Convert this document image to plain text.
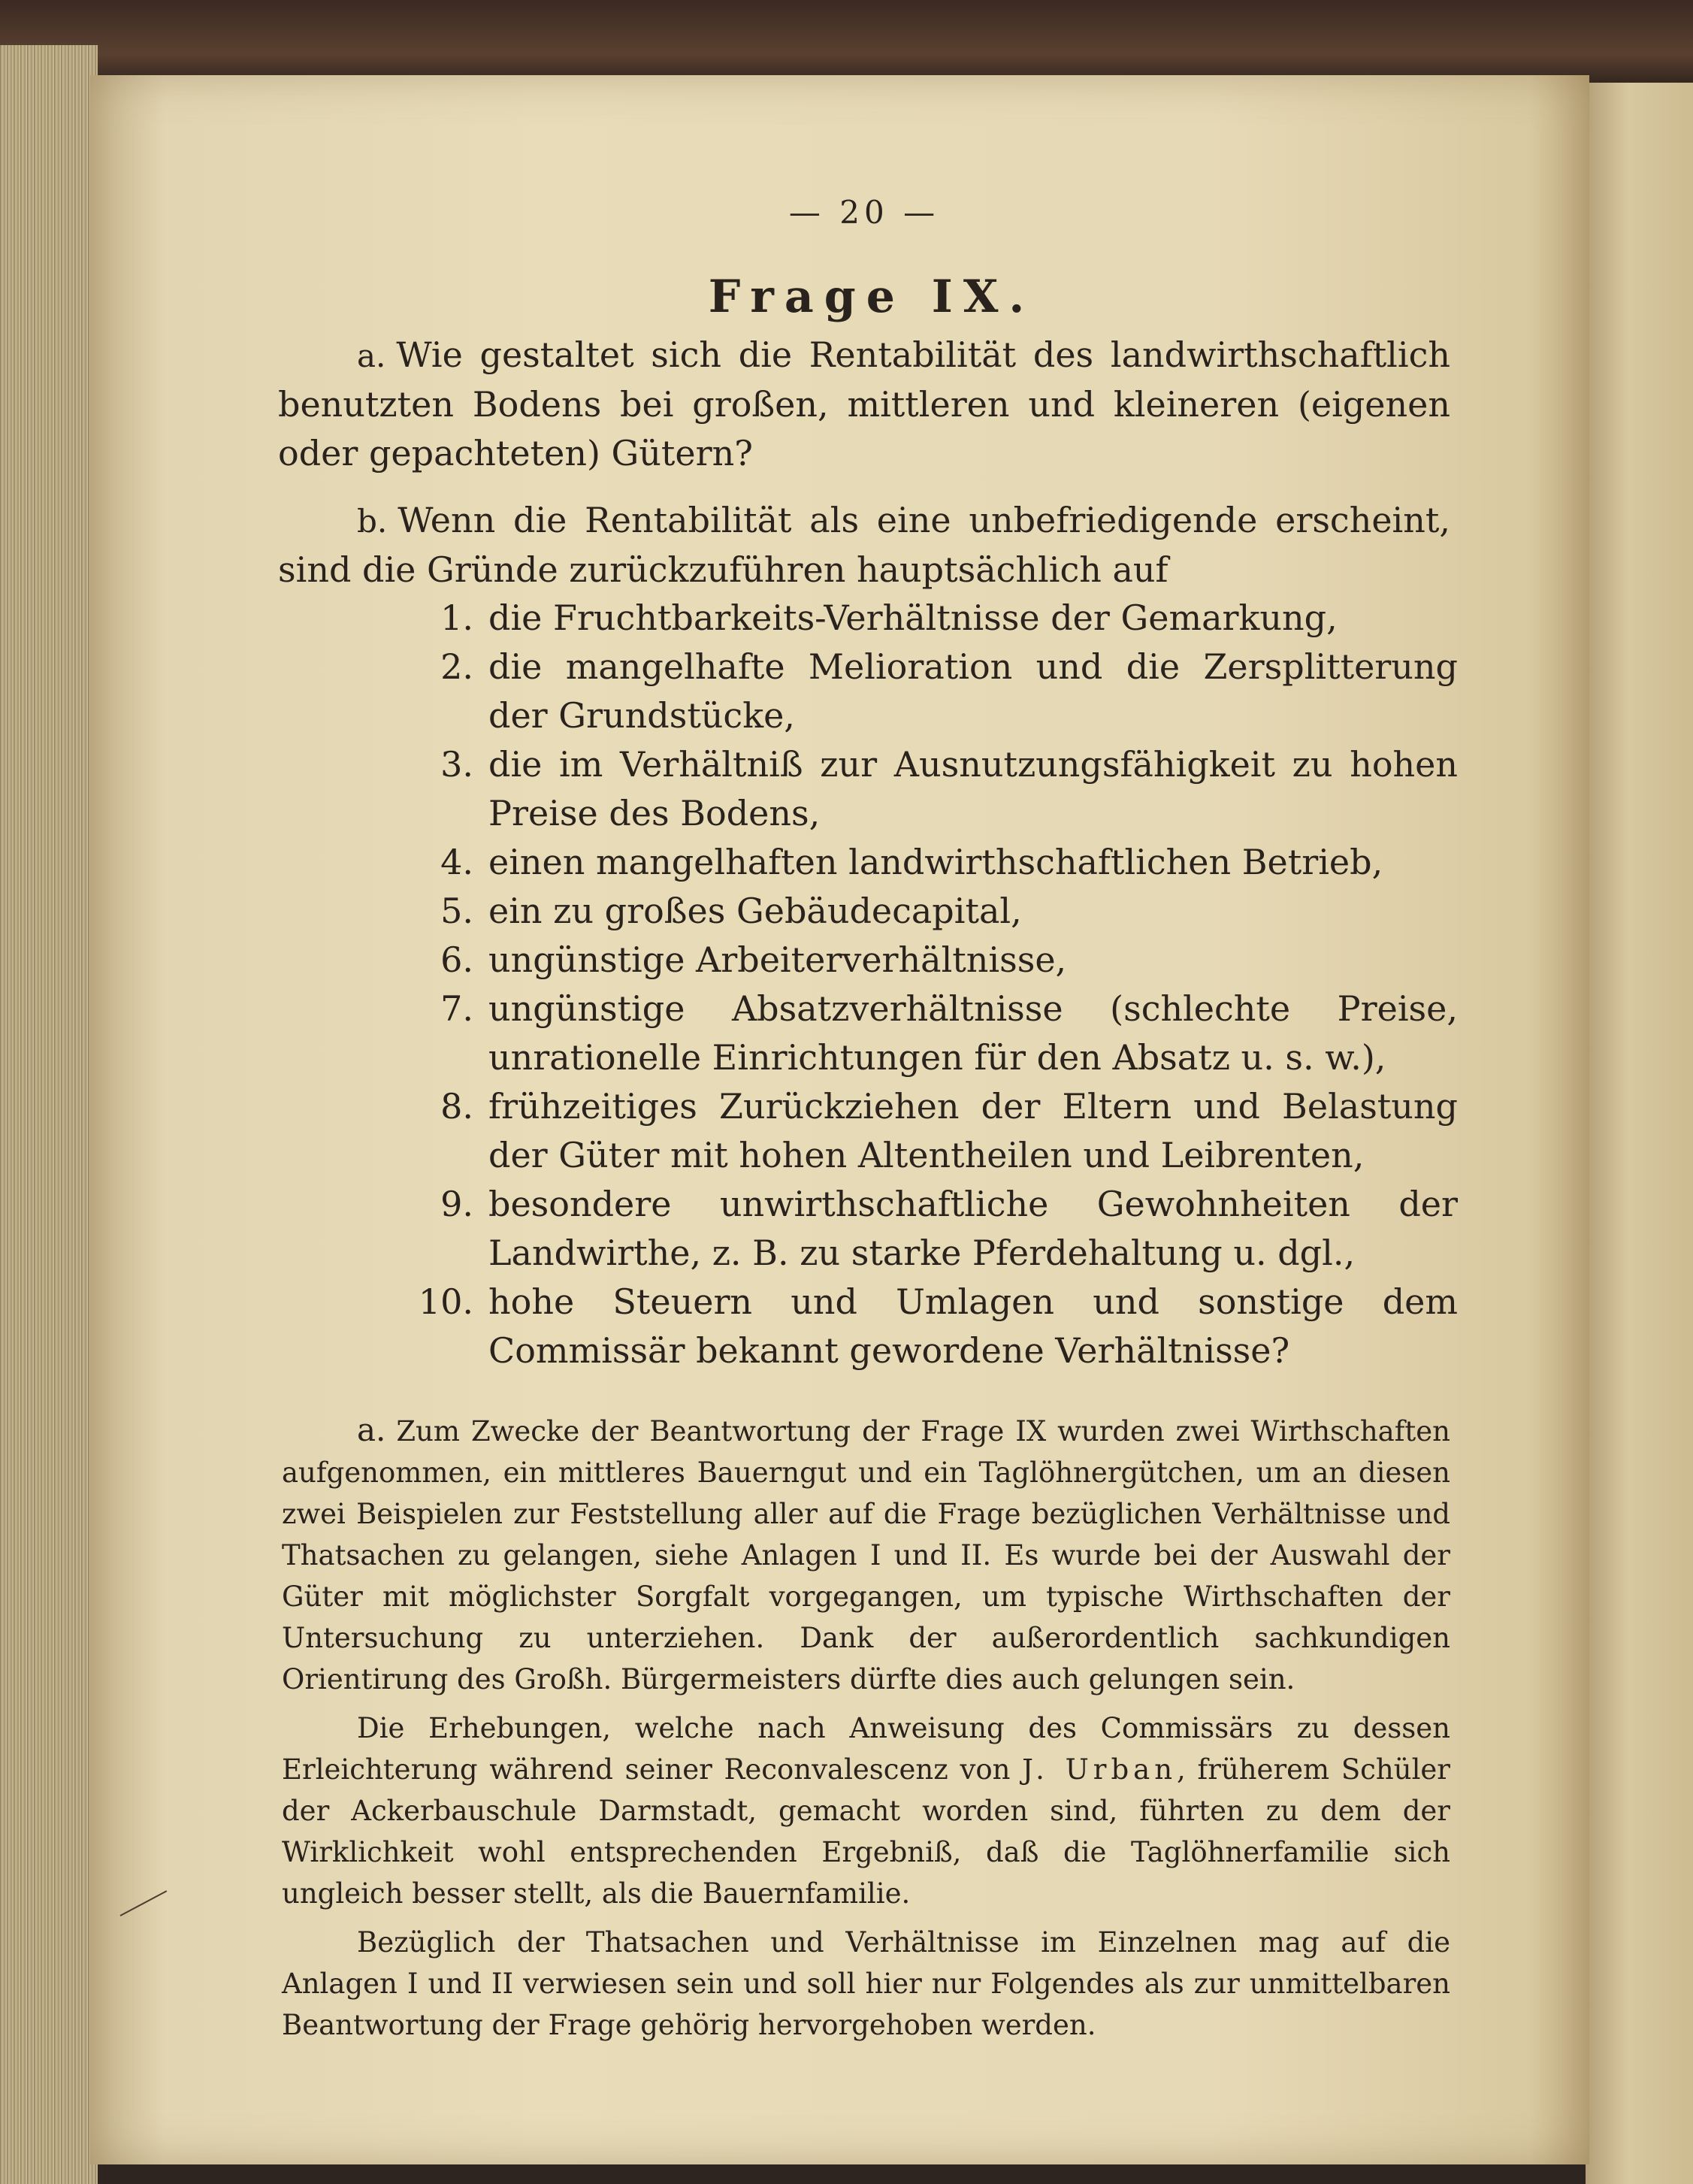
— 20 —
Frage IX.

a. Wie gestaltet sich die Rentabilität des landwirthschaftlich benutzten Bodens bei großen, mittleren und kleineren (eigenen oder gepachteten) Gütern?

b. Wenn die Rentabilität als eine unbefriedigende erscheint, sind die Gründe zurückzuführen hauptsächlich auf

1. die Fruchtbarkeits-Verhältnisse der Gemarkung,
2. die mangelhafte Melioration und die Zersplitterung der Grundstücke,
3. die im Verhältniß zur Ausnutzungsfähigkeit zu hohen Preise des Bodens,
4. einen mangelhaften landwirthschaftlichen Betrieb,
5. ein zu großes Gebäudecapital,
6. ungünstige Arbeiterverhältnisse,
7. ungünstige Absatzverhältnisse (schlechte Preise, unrationelle Einrichtungen für den Absatz u. s. w.),
8. frühzeitiges Zurückziehen der Eltern und Belastung der Güter mit hohen Altentheilen und Leibrenten,
9. besondere unwirthschaftliche Gewohnheiten der Landwirthe, z. B. zu starke Pferdehaltung u. dgl.,
10. hohe Steuern und Umlagen und sonstige dem Commissär bekannt gewordene Verhältnisse?

a. Zum Zwecke der Beantwortung der Frage IX wurden zwei Wirthschaften aufgenommen, ein mittleres Bauerngut und ein Taglöhnergütchen, um an diesen zwei Beispielen zur Feststellung aller auf die Frage bezüglichen Verhältnisse und Thatsachen zu gelangen, siehe Anlagen I und II. Es wurde bei der Auswahl der Güter mit möglichster Sorgfalt vorgegangen, um typische Wirthschaften der Untersuchung zu unterziehen. Dank der außerordentlich sachkundigen Orientirung des Großh. Bürgermeisters dürfte dies auch gelungen sein.

Die Erhebungen, welche nach Anweisung des Commissärs zu dessen Erleichterung während seiner Reconvalescenz von J. Urban, früherem Schüler der Ackerbauschule Darmstadt, gemacht worden sind, führten zu dem der Wirklichkeit wohl entsprechenden Ergebniß, daß die Taglöhnerfamilie sich ungleich besser stellt, als die Bauernfamilie.

Bezüglich der Thatsachen und Verhältnisse im Einzelnen mag auf die Anlagen I und II verwiesen sein und soll hier nur Folgendes als zur unmittelbaren Beantwortung der Frage gehörig hervorgehoben werden.
